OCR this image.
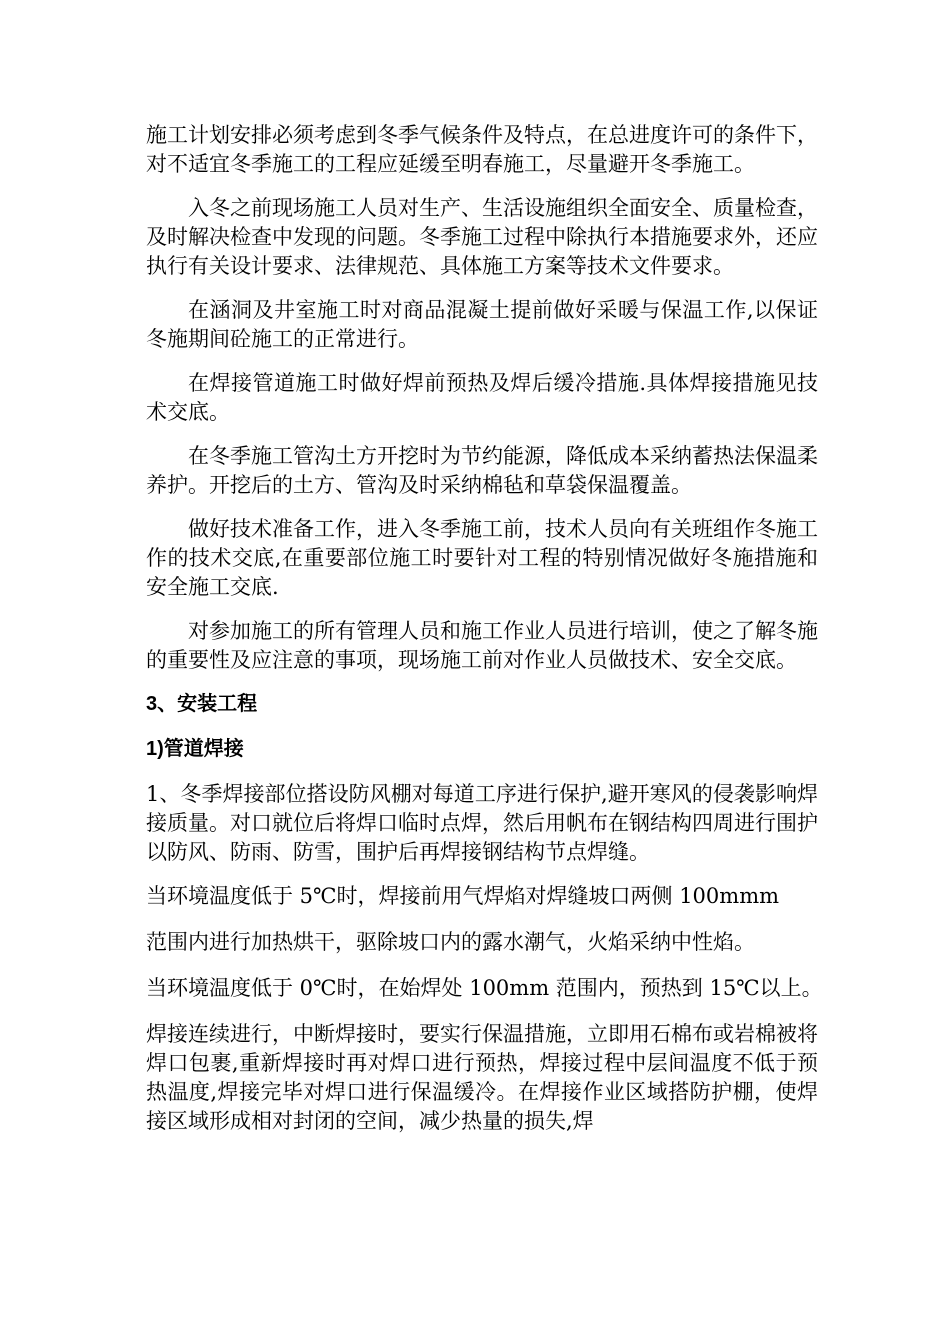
施工计划安排必须考虑到冬季气候条件及特点，在总进度许可的条件下，对不适宜冬季施工的工程应延缓至明春施工，尽量避开冬季施工。

入冬之前现场施工人员对生产、生活设施组织全面安全、质量检查，及时解决检查中发现的问题。冬季施工过程中除执行本措施要求外，还应执行有关设计要求、法律规范、具体施工方案等技术文件要求。

在涵洞及井室施工时对商品混凝土提前做好采暖与保温工作,以保证冬施期间砼施工的正常进行。

在焊接管道施工时做好焊前预热及焊后缓冷措施.具体焊接措施见技术交底。

在冬季施工管沟土方开挖时为节约能源，降低成本采纳蓄热法保温柔养护。开挖后的土方、管沟及时采纳棉毡和草袋保温覆盖。

做好技术准备工作，进入冬季施工前，技术人员向有关班组作冬施工作的技术交底,在重要部位施工时要针对工程的特别情况做好冬施措施和安全施工交底.

对参加施工的所有管理人员和施工作业人员进行培训，使之了解冬施的重要性及应注意的事项，现场施工前对作业人员做技术、安全交底。

3、安装工程
1)管道焊接

1、冬季焊接部位搭设防风棚对每道工序进行保护,避开寒风的侵袭影响焊接质量。对口就位后将焊口临时点焊，然后用帆布在钢结构四周进行围护以防风、防雨、防雪，围护后再焊接钢结构节点焊缝。

当环境温度低于 5℃时，焊接前用气焊焰对焊缝坡口两侧 100mmm

范围内进行加热烘干，驱除坡口内的露水潮气，火焰采纳中性焰。

当环境温度低于 0℃时，在始焊处 100mm 范围内，预热到 15℃以上。

焊接连续进行，中断焊接时，要实行保温措施，立即用石棉布或岩棉被将焊口包裹,重新焊接时再对焊口进行预热，焊接过程中层间温度不低于预热温度,焊接完毕对焊口进行保温缓冷。在焊接作业区域搭防护棚，使焊接区域形成相对封闭的空间，减少热量的损失,焊
